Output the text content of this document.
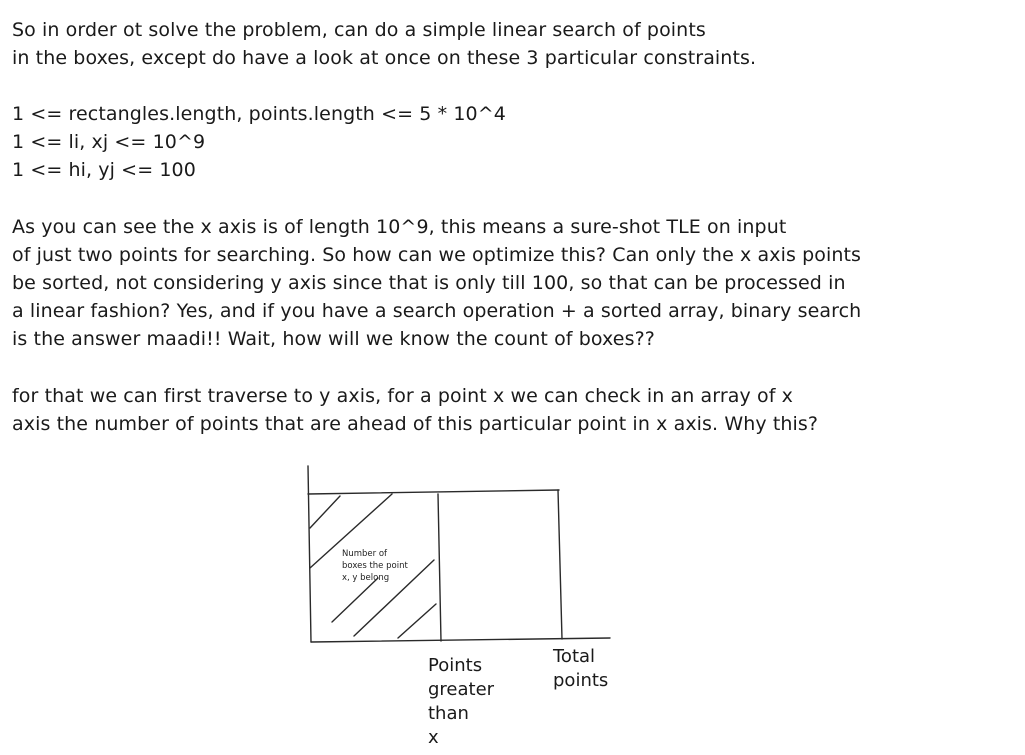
So in order ot solve the problem, can do a simple linear search of points
in the boxes, except do have a look at once on these 3 particular constraints.
1 <= rectangles.length, points.length <= 5 * 10^4
1 <= li, xj <= 10^9
1 <= hi, yj <= 100
As you can see the x axis is of length 10^9, this means a sure-shot TLE on input
of just two points for searching. So how can we optimize this? Can only the x axis points
be sorted, not considering y axis since that is only till 100, so that can be processed in
a linear fashion? Yes, and if you have a search operation + a sorted array, binary search
is the answer maadi!! Wait, how will we know the count of boxes??
for that we can first traverse to y axis, for a point x we can check in an array of x
axis the number of points that are ahead of this particular point in x axis. Why this?
Number of
boxes the point
x, y belong
Points
greater
than
x
Total
points
